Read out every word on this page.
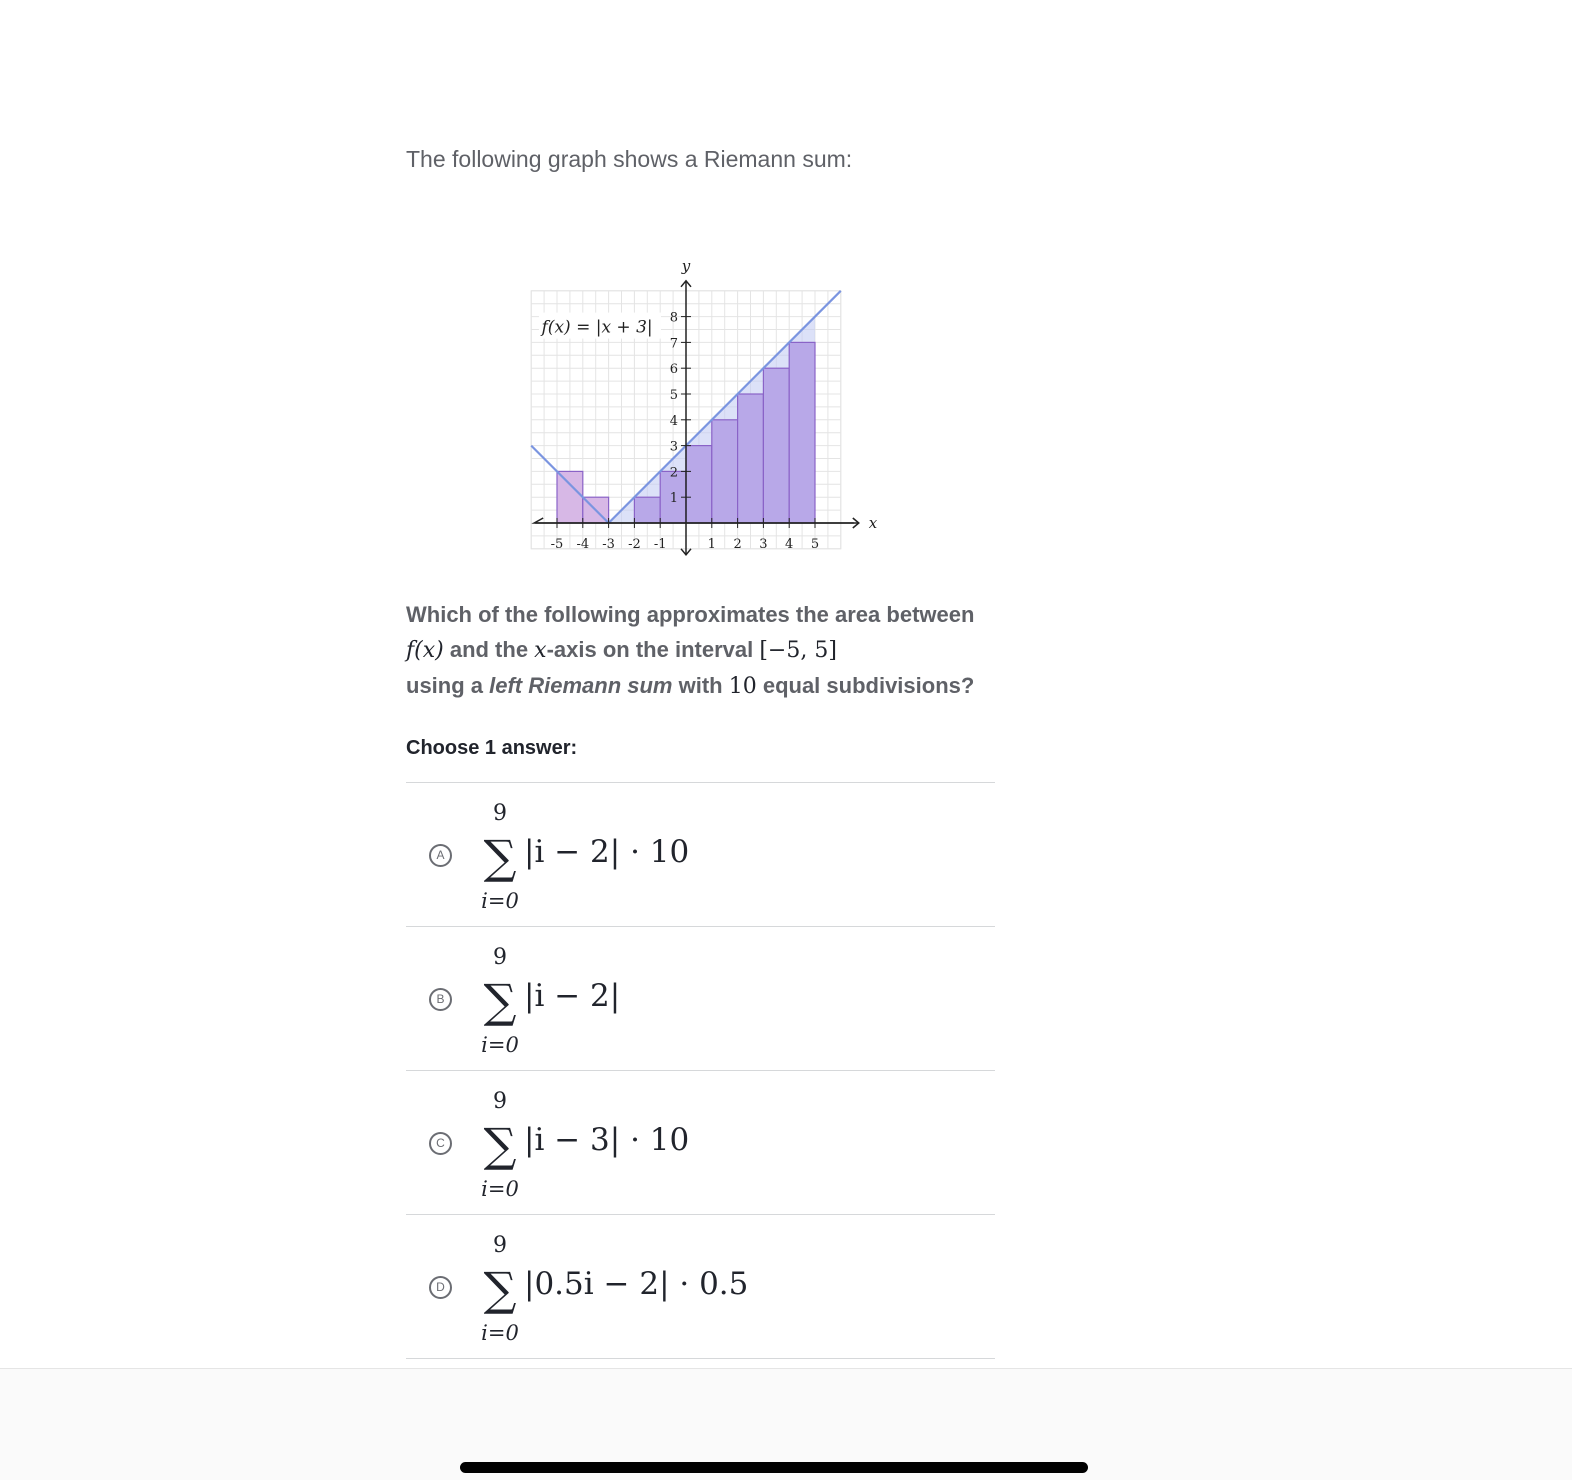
The following graph shows a Riemann sum:
-5 -4 -3 -2 -1	1 2 3 4 5
1
2
3
4
5
6
7
8
x
y
f(x) = |x + 3|
Which of the following approximates the area between f(x) and the x-axis on the interval [−5, 5]
using a left Riemann sum with 10 equal subdivisions?
Choose 1 answer:
A
9
∑
i=0
|i − 2| · 10
B
9
∑
i=0
|i − 2|
C
9
∑
i=0
|i − 3| · 10
D
9
∑
i=0
|0.5i − 2| · 0.5
